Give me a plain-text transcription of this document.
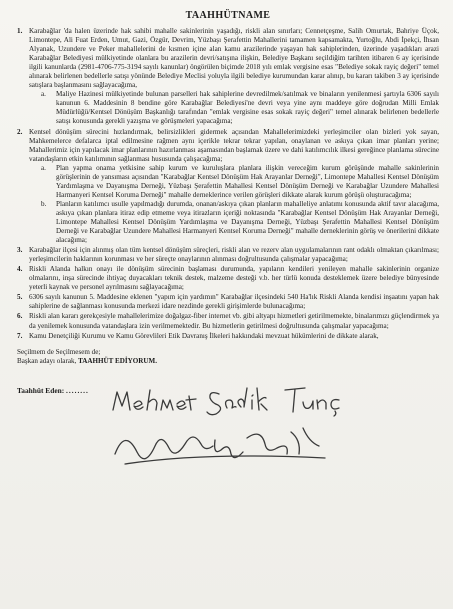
TAAHHÜTNAME
1. Karabağlar 'da halen üzerinde hak sahibi mahalle sakinlerinin yaşadığı, riskli alan sınırları; Cennetçeşme, Salih Omurtak, Bahriye Üçok, Limontepe, Ali Fuat Erden, Umut, Gazi, Özgür, Devrim, Yüzbaşı Şerafettin Mahallerini tamamen kapsamakta, Yurtoğlu, Abdi İpekçi, İhsan Alyanak, Uzundere ve Peker mahallelerini de kısmen içine alan kamu arazilerinde yaşayan hak sahiplerinden, üzerinde yaşadıkları arazi Karabağlar Belediyesi mülkiyetinde olanlara bu arazilerin devri/satışına ilişkin, Belediye Başkanı seçildiğim tarihten itibaren 6 ay içerisinde ilgili kanunlarda (2981-4706-775-3194 sayılı kanunlar) öngörülen biçimde 2018 yılı emlak vergisine esas "Belediye sokak rayiç değeri" temel alınarak belirlenen bedellerle satışı yönünde Belediye Meclisi yoluyla ilgili belediye kurumundan karar alınıp, bu kararı takiben 3 ay içerisinde satışlara başlanmasını sağlayacağıma,
a. Maliye Hazinesi mülkiyetinde bulunan parselleri hak sahiplerine devredilmek/satılmak ve binaların yenilenmesi şartıyla 6306 sayılı kanunun 6. Maddesinin 8 bendine göre Karabağlar Belediyesi'ne devri veya yine aynı maddeye göre doğrudan Milli Emlak Müdürlüğü/Kentsel Dönüşüm Başkanlığı tarafından "emlak vergisine esas sokak rayiç değeri" temel alınarak belirlenen bedellerle satışı konusunda gerekli yazışma ve görüşmeleri yapacağıma;
2. Kentsel dönüşüm sürecini hızlandırmak, belirsizlikleri gidermek açısından Mahallelerimizdeki yerleşimciler olan bizleri yok sayan, Mahkemelerce defalarca iptal edilmesine rağmen aynı içerikle tekrar tekrar yapılan, onaylanan ve askıya çıkan imar planları yerine; Mahallerimiz için yapılacak imar planlarının hazırlanması aşamasından başlamak üzere ve dahi katılımcılık ilkesi gereğince planlama sürecine vatandaşların etkin katılımının sağlanması hususunda çalışacağıma;
a. Plan yapma onama yetkisine sahip kurum ve kuruluşlara planlara ilişkin vereceğim kurum görüşünde mahalle sakinlerinin görüşlerinin de yansıması açısından "Karabağlar Kentsel Dönüşüm Hak Arayanlar Derneği", Limontepe Mahallesi Kentsel Dönüşüm Yardımlaşma ve Dayanışma Derneği, Yüzbaşı Şerafettin Mahallesi Kentsel Dönüşüm Derneği ve Karabağlar Uzundere Mahallesi Harmanyeri Kentsel Koruma Derneği" mahalle derneklerince verilen görüşleri dikkate alarak kurum görüşü oluşturacağıma;
b. Planların katılımcı usulle yapılmadığı durumda, onanan/askıya çıkan planların mahalleliye anlatımı konusunda aktif tavır alacağıma, askıya çıkan planlara itiraz edip etmeme veya itirazların içeriği noktasında "Karabağlar Kentsel Dönüşüm Hak Arayanlar Derneği, Limontepe Mahallesi Kentsel Dönüşüm Yardımlaşma ve Dayanışma Derneği, Yüzbaşı Şerafettin Mahallesi Kentsel Dönüşüm Derneği ve Karabağlar Uzundere Mahallesi Harmanyeri Kentsel Koruma Derneği" mahalle derneklerinin görüş ve önerilerini dikkate alacağıma;
3. Karabağlar ilçesi için alınmış olan tüm kentsel dönüşüm süreçleri, riskli alan ve rezerv alan uygulamalarının rant odaklı olmaktan çıkarılması; yerleşimcilerin haklarının korunması ve her süreçte onaylarının alınması doğrultusunda çalışmalar yapacağıma;
4. Riskli Alanda halkın onayı ile dönüşüm sürecinin başlaması durumunda, yapıların kendileri yenileyen mahalle sakinlerinin organize olmalarını, inşa sürecinde ihtiyaç duyacakları teknik destek, malzeme desteği v.b. her türlü konuda desteklemek üzere belediye bünyesinde yeterli kaynak ve personel ayrılmasını sağlayacağıma;
5. 6306 sayılı kanunun 5. Maddesine eklenen "yapım için yardımın" Karabağlar ilçesindeki 540 Ha'lık Riskli Alanda kendisi inşaatını yapan hak sahiplerine de sağlanması konusunda merkezi idare nezdinde gerekli girişimlerde bulunacağıma;
6. Riskli alan kararı gerekçesiyle mahallelerimize doğalgaz-fiber internet vb. gibi altyapı hizmetleri getirilmemekte, binalarımızı güçlendirmek ya da yenilemek konusunda vatandaşlara izin verilmemektedir. Bu hizmetlerin getirilmesi doğrultusunda çalışmalar yapacağıma;
7. Kamu Denetçiliği Kurumu ve Kamu Görevlileri Etik Davranış İlkeleri hakkındaki mevzuat hükümlerini de dikkate alarak,
Seçilmem de Seçilmesem de;
Başkan adayı olarak, TAAHHÜT EDİYORUM.
Taahhüt Eden: ........
